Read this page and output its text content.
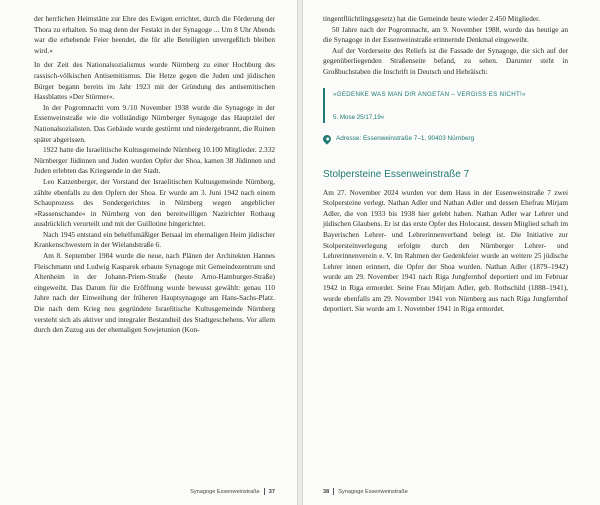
der herrlichen Heimstätte zur Ehre des Ewigen errichtet, durch die Förderung der Thora zu erhalten. So mag denn der Festakt in der Synagoge ... Um 8 Uhr Abends war die erhebende Feier beendet, die für alle Beteiligten unvergeßlich bleiben wird.«

In der Zeit des Nationalsozialismus wurde Nürnberg zu einer Hochburg des rassisch-völkischen Antisemitismus. Die Hetze gegen die Juden und jüdischen Bürger begann bereits im Jahr 1923 mit der Gründung des antisemitischen Hassblattes »Der Stürmer«.

In der Pogromnacht vom 9./10 November 1938 wurde die Synagoge in der Essenweinstraße wie die vollständige Nürnberger Synagoge das Hauptziel der Nationalsozialisten. Das Gebäude wurde gestürmt und niedergebrannt, die Ruinen später abgerissen.

1922 hatte die Israelitische Kultusgemeinde Nürnberg 10.100 Mitglieder. 2.332 Nürnberger Jüdinnen und Juden wurden Opfer der Shoa, kamen 38 Jüdinnen und Juden erlebten das Kriegsende in der Stadt.

Leo Katzenberger, der Vorstand der Israelitischen Kultusgemeinde Nürnberg, zählte ebenfalls zu den Opfern der Shoa. Er wurde am 3. Juni 1942 nach einem Schauprozess des Sondergerichtes in Nürnberg wegen angeblicher »Rassenschande« in Nürnberg von den bereitwilligen Nazirichter Rothaug ausdrücklich verurteilt und mit der Guillotine hingerichtet.

Nach 1945 entstand ein behelfsmäßiger Betsaal im ehemaligen Heim jüdischer Krankenschwestern in der Wielandstraße 6.

Am 8. September 1984 wurde die neue, nach Plänen der Architekten Hannes Fleischmann und Ludwig Kasparek erbaute Synagoge mit Gemeindezentrum und Altenheim in der Johann-Priem-Straße (heute Arno-Hamburger-Straße) eingeweiht. Das Datum für die Eröffnung wurde bewusst gewählt: genau 110 Jahre nach der Einweihung der früheren Hauptsynagoge am Hans-Sachs-Platz. Die nach dem Krieg neu gegründete Israelitische Kultusgemeinde Nürnberg versteht sich als aktiver und integraler Bestandteil des Stadtgeschehens. Vor allem durch den Zuzug aus der ehemaligen Sowjetunion (Kon-

Synagoge Essenweinstraße 37

tingentflüchtlingsgesetz) hat die Gemeinde heute wieder 2.450 Mitglieder.

50 Jahre nach der Pogromnacht, am 9. November 1988, wurde das heutige an die Synagoge in der Essenweinstraße erinnernde Denkmal eingeweiht.

Auf der Vorderseite des Reliefs ist die Fassade der Synagoge, die sich auf der gegenüberliegenden Straßenseite befand, zu sehen. Darunter steht in Großbuchstaben die Inschrift in Deutsch und Hebräisch:

»GEDENKE WAS MAN DIR ANGETAN – VERGISS ES NICHT!«
5. Mose 25/17,19«
Adresse: Essenweinstraße 7–1, 90403 Nürnberg
Stolpersteine Essenweinstraße 7

Am 27. November 2024 wurden vor dem Haus in der Essenweinstraße 7 zwei Stolpersteine verlegt. Nathan Adler und Nathan Adler und dessen Ehefrau Mirjam Adler, die von 1933 bis 1938 hier gelebt haben. Nathan Adler war Lehrer und jüdischen Glaubens. Er ist das erste Opfer des Holocaust, dessen Mitglied schaft im Bayerischen Lehrer- und Lehrerinnenverband belegt ist. Die Initiative zur Stolpersteinverlegung erfolgte durch den Nürnberger Lehrer- und Lehrerinnenverein e. V. Im Rahmen der Gedenkfeier wurde an weitere 25 jüdische Lehrer innen erinnert, die Opfer der Shoa wurden. Nathan Adler (1879–1942) wurde am 29. November 1941 nach Riga Jungfernhof deportiert und im Februar 1942 in Riga ermordet. Seine Frau Mirjam Adler, geb. Rothschild (1888–1941), wurde ebenfalls am 29. November 1941 von Nürnberg aus nach Riga Jungfernhof deportiert. Sie wurde am 1. November 1941 in Riga ermordet.

38 Synagoge Essenweinstraße
